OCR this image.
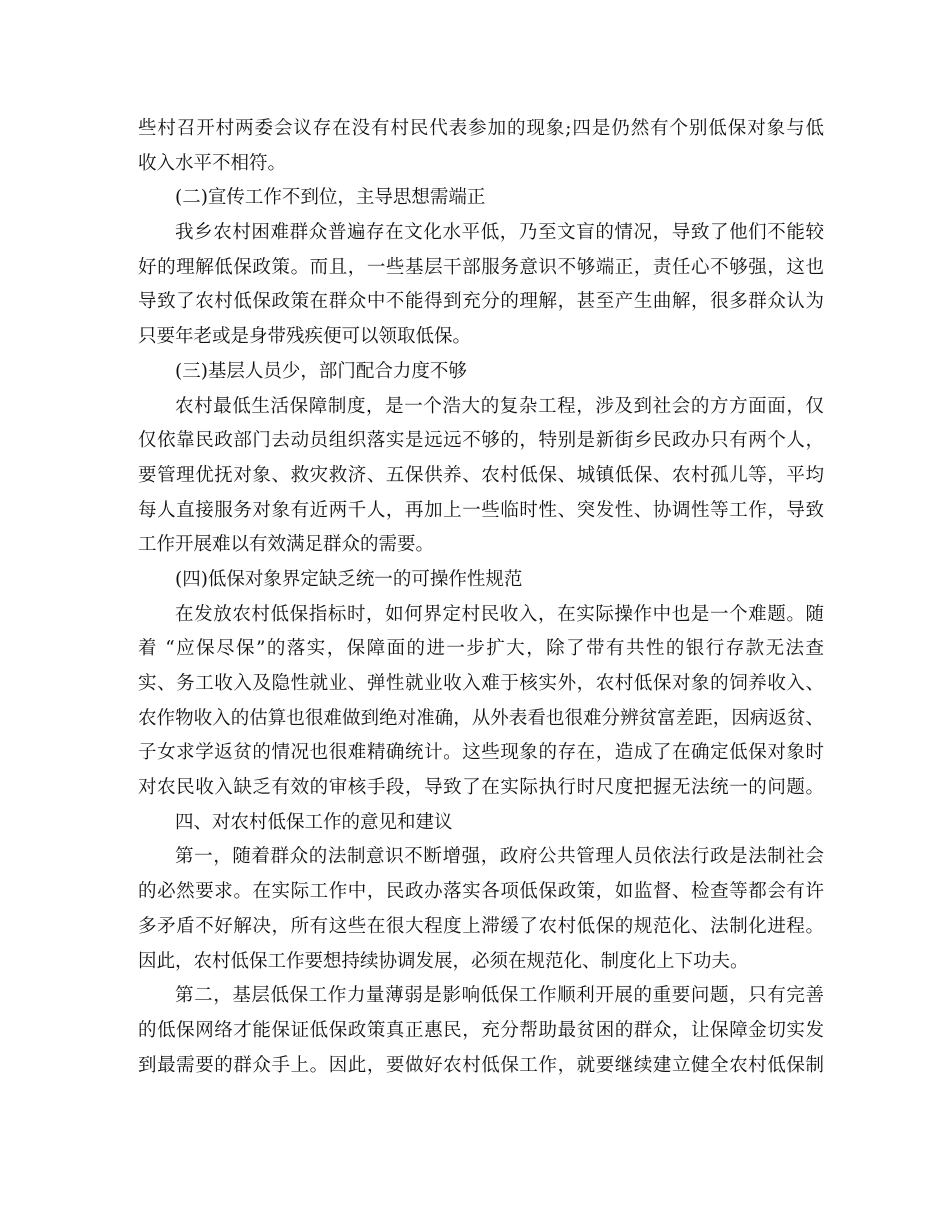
些村召开村两委会议存在没有村民代表参加的现象;四是仍然有个别低保对象与低
收入水平不相符。
(二)宣传工作不到位，主导思想需端正
我乡农村困难群众普遍存在文化水平低，乃至文盲的情况，导致了他们不能较
好的理解低保政策。而且，一些基层干部服务意识不够端正，责任心不够强，这也
导致了农村低保政策在群众中不能得到充分的理解，甚至产生曲解，很多群众认为
只要年老或是身带残疾便可以领取低保。
(三)基层人员少，部门配合力度不够
农村最低生活保障制度，是一个浩大的复杂工程，涉及到社会的方方面面，仅
仅依靠民政部门去动员组织落实是远远不够的，特别是新街乡民政办只有两个人，
要管理优抚对象、救灾救济、五保供养、农村低保、城镇低保、农村孤儿等，平均
每人直接服务对象有近两千人，再加上一些临时性、突发性、协调性等工作，导致
工作开展难以有效满足群众的需要。
(四)低保对象界定缺乏统一的可操作性规范
在发放农村低保指标时，如何界定村民收入，在实际操作中也是一个难题。随
着 “应保尽保”的落实，保障面的进一步扩大，除了带有共性的银行存款无法查
实、务工收入及隐性就业、弹性就业收入难于核实外，农村低保对象的饲养收入、
农作物收入的估算也很难做到绝对准确，从外表看也很难分辨贫富差距，因病返贫、
子女求学返贫的情况也很难精确统计。这些现象的存在，造成了在确定低保对象时
对农民收入缺乏有效的审核手段，导致了在实际执行时尺度把握无法统一的问题。
四、对农村低保工作的意见和建议
第一，随着群众的法制意识不断增强，政府公共管理人员依法行政是法制社会
的必然要求。在实际工作中，民政办落实各项低保政策，如监督、检查等都会有许
多矛盾不好解决，所有这些在很大程度上滞缓了农村低保的规范化、法制化进程。
因此，农村低保工作要想持续协调发展，必须在规范化、制度化上下功夫。
第二，基层低保工作力量薄弱是影响低保工作顺利开展的重要问题，只有完善
的低保网络才能保证低保政策真正惠民，充分帮助最贫困的群众，让保障金切实发
到最需要的群众手上。因此，要做好农村低保工作，就要继续建立健全农村低保制
